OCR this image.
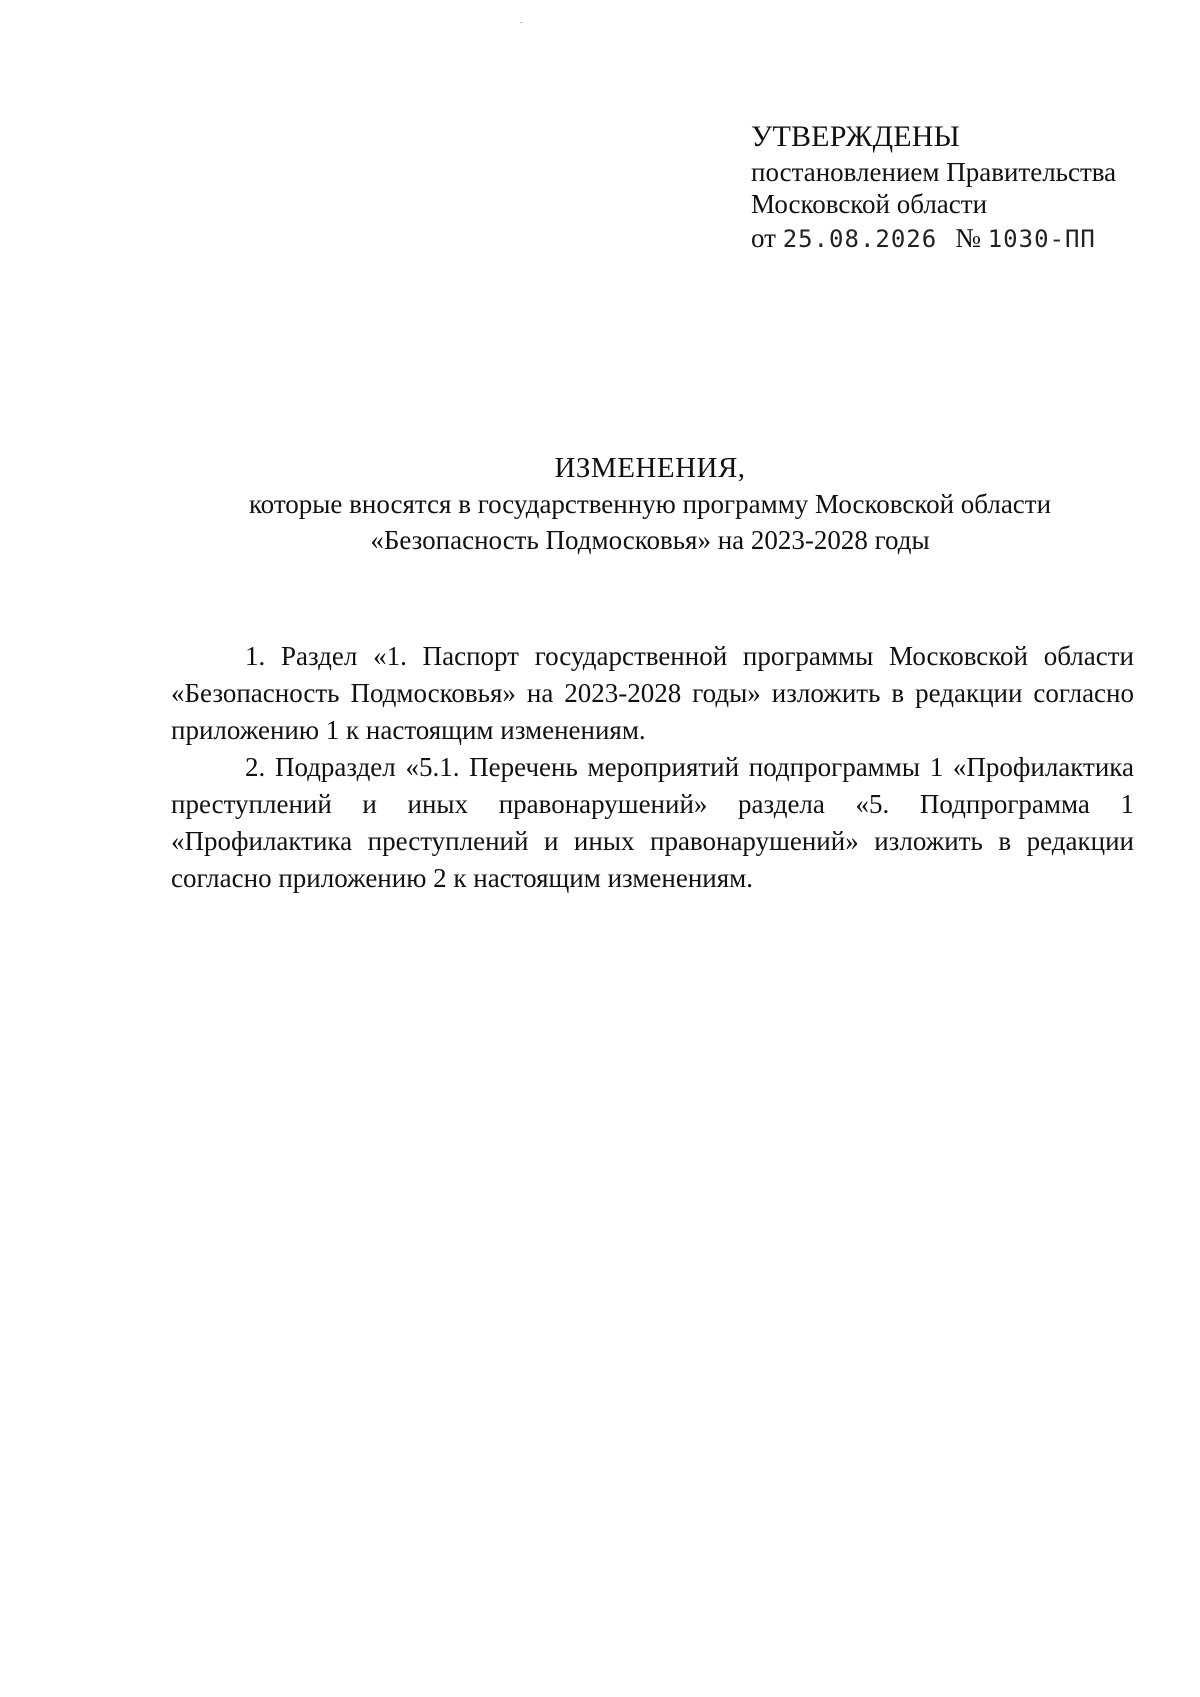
УТВЕРЖДЕНЫ
постановлением Правительства
Московской области
от 25.08.2026 № 1030-ПП
ИЗМЕНЕНИЯ,
которые вносятся в государственную программу Московской области
«Безопасность Подмосковья» на 2023-2028 годы

1. Раздел «1. Паспорт государственной программы Московской области «Безопасность Подмосковья» на 2023-2028 годы» изложить в редакции согласно приложению 1 к настоящим изменениям.

2. Подраздел «5.1. Перечень мероприятий подпрограммы 1 «Профилактика преступлений и иных правонарушений» раздела «5. Подпрограмма 1 «Профилактика преступлений и иных правонарушений» изложить в редакции согласно приложению 2 к настоящим изменениям.
